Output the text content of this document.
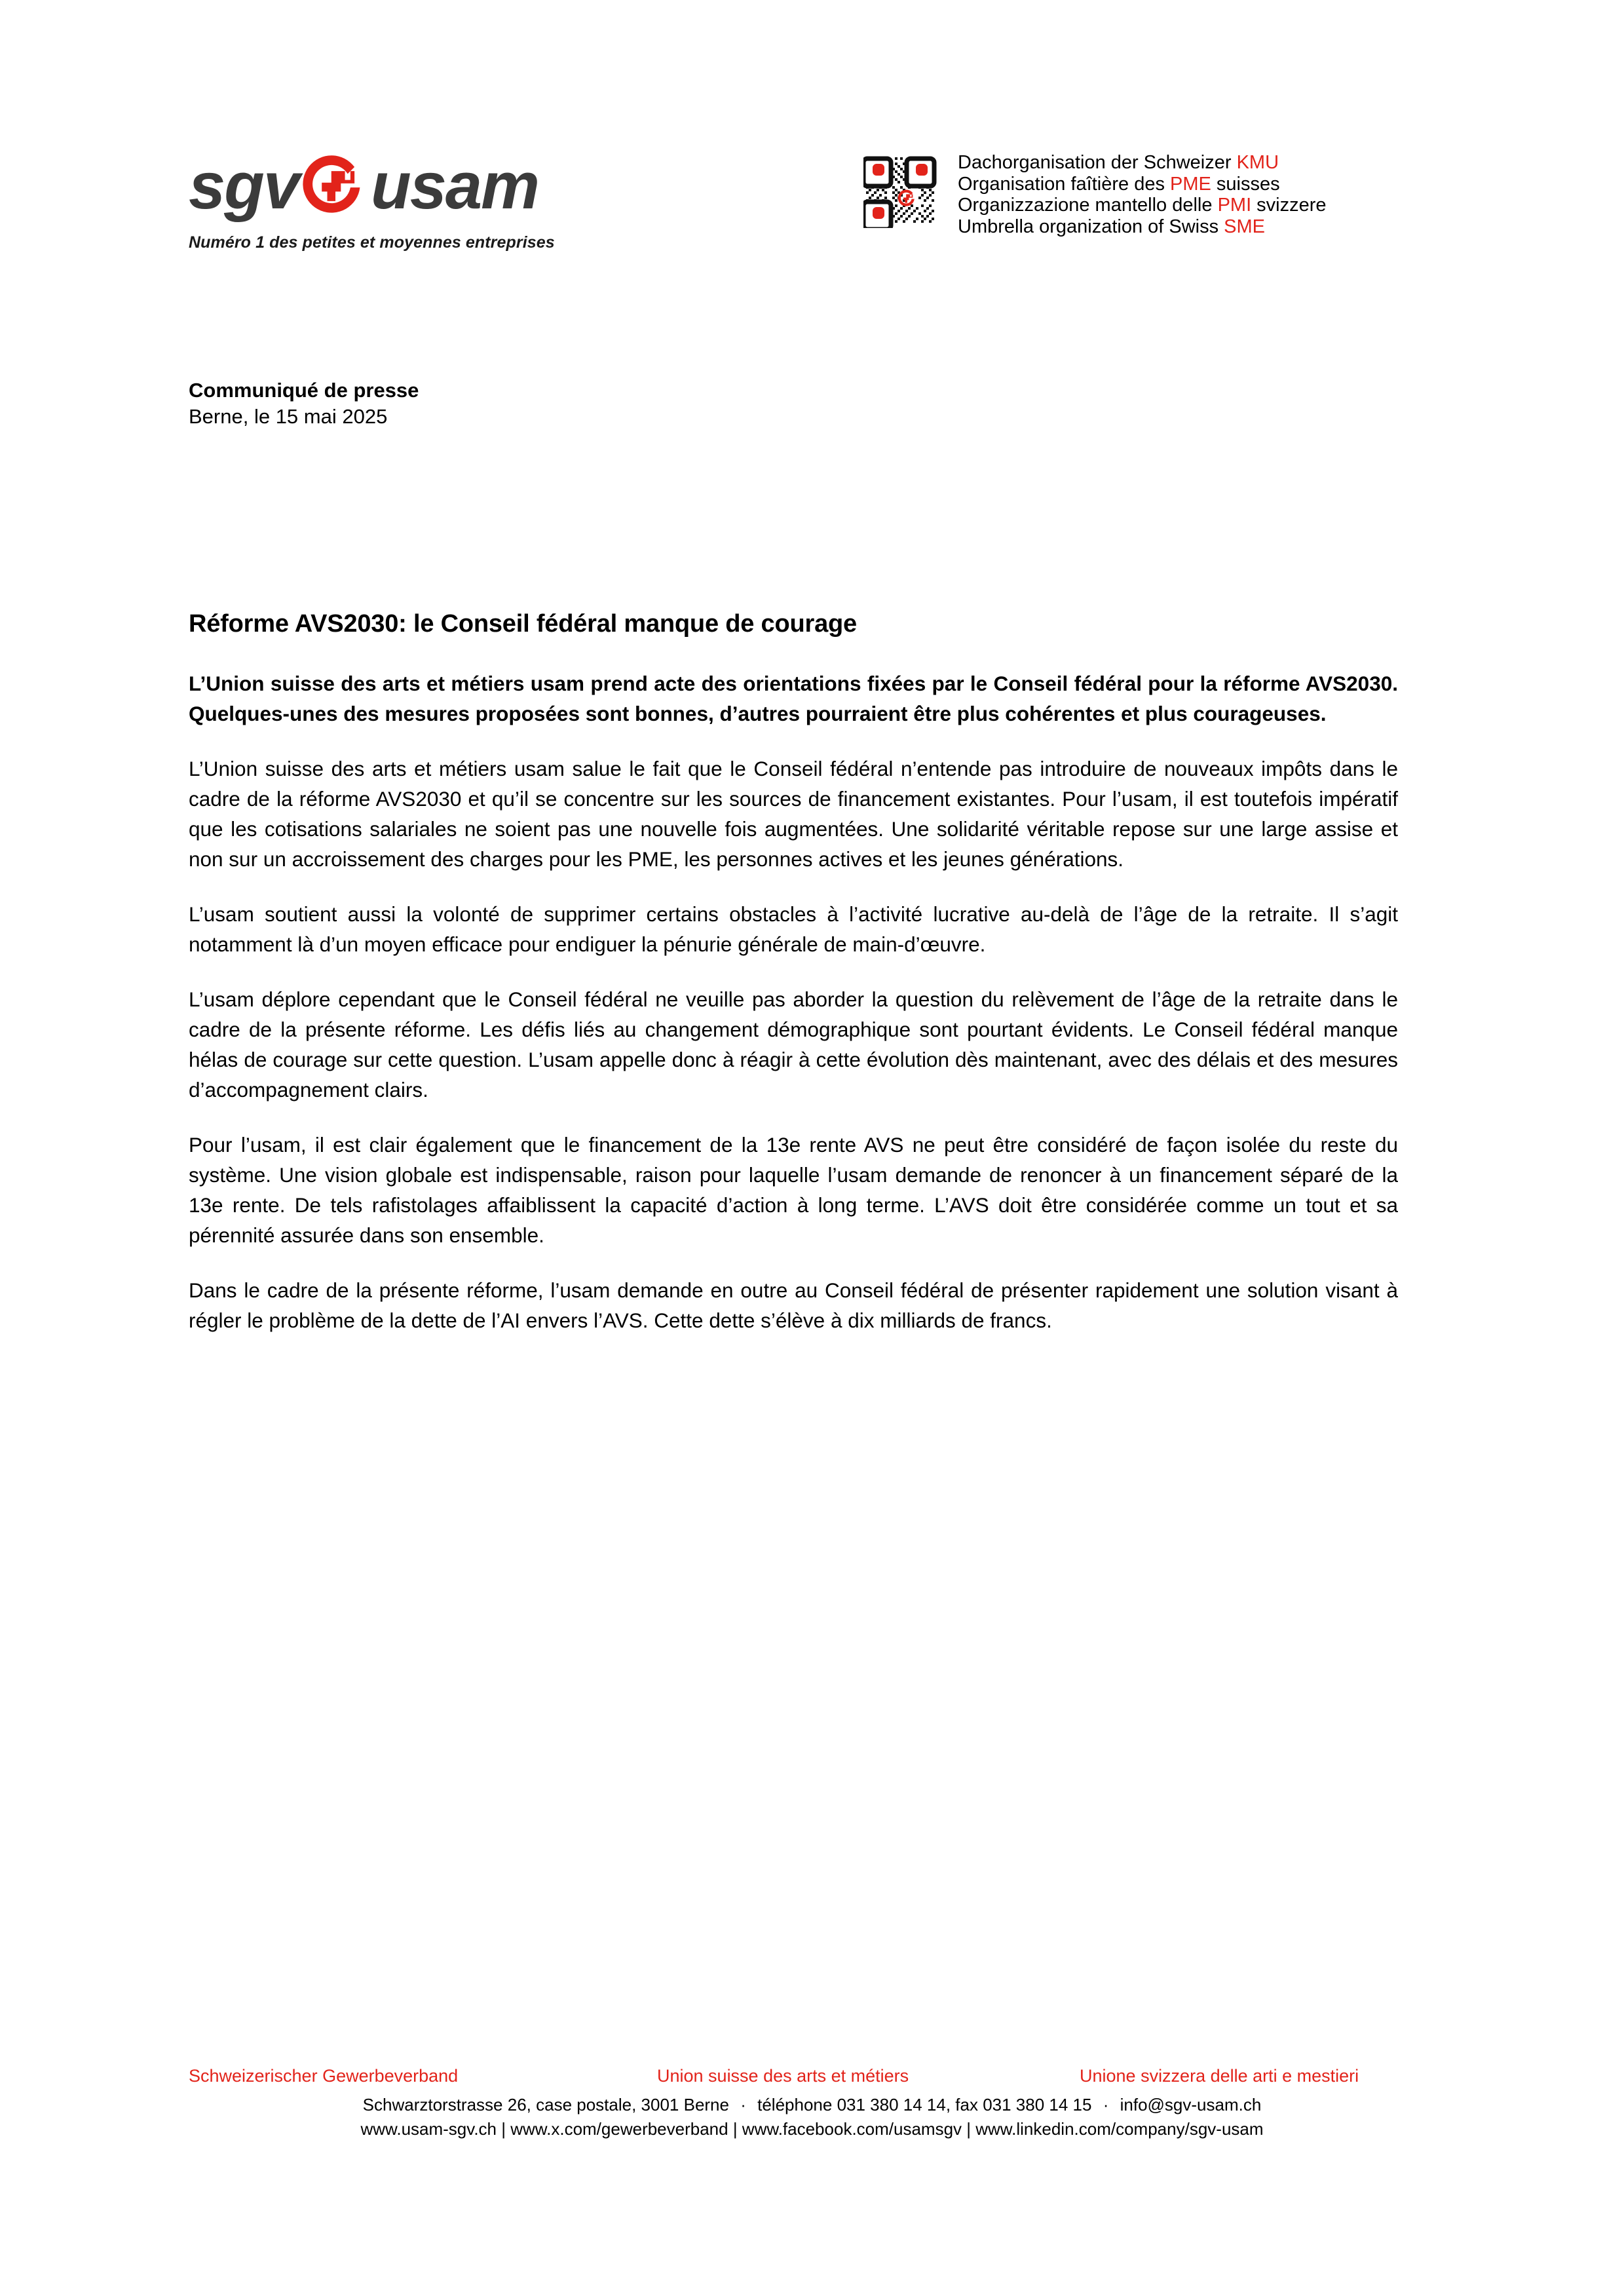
sgv usam
Numéro 1 des petites et moyennes entreprises
Dachorganisation der Schweizer KMU
Organisation faîtière des PME suisses
Organizzazione mantello delle PMI svizzere
Umbrella organization of Swiss SME
Communiqué de presse
Berne, le 15 mai 2025
Réforme AVS2030: le Conseil fédéral manque de courage

L’Union suisse des arts et métiers usam prend acte des orientations fixées par le Conseil fédéral pour la réforme AVS2030. Quelques-unes des mesures proposées sont bonnes, d’autres pourraient être plus cohérentes et plus courageuses.

L’Union suisse des arts et métiers usam salue le fait que le Conseil fédéral n’entende pas introduire de nouveaux impôts dans le cadre de la réforme AVS2030 et qu’il se concentre sur les sources de financement existantes. Pour l’usam, il est toutefois impératif que les cotisations salariales ne soient pas une nouvelle fois augmentées. Une solidarité véritable repose sur une large assise et non sur un accroissement des charges pour les PME, les personnes actives et les jeunes générations.

L’usam soutient aussi la volonté de supprimer certains obstacles à l’activité lucrative au-delà de l’âge de la retraite. Il s’agit notamment là d’un moyen efficace pour endiguer la pénurie générale de main-d’œuvre.

L’usam déplore cependant que le Conseil fédéral ne veuille pas aborder la question du relèvement de l’âge de la retraite dans le cadre de la présente réforme. Les défis liés au changement démographique sont pourtant évidents. Le Conseil fédéral manque hélas de courage sur cette question. L’usam appelle donc à réagir à cette évolution dès maintenant, avec des délais et des mesures d’accompagnement clairs.

Pour l’usam, il est clair également que le financement de la 13e rente AVS ne peut être considéré de façon isolée du reste du système. Une vision globale est indispensable, raison pour laquelle l’usam demande de renoncer à un financement séparé de la 13e rente. De tels rafistolages affaiblissent la capacité d’action à long terme. L’AVS doit être considérée comme un tout et sa pérennité assurée dans son ensemble.

Dans le cadre de la présente réforme, l’usam demande en outre au Conseil fédéral de présenter rapidement une solution visant à régler le problème de la dette de l’AI envers l’AVS. Cette dette s’élève à dix milliards de francs.

Schweizerischer Gewerbeverband	Union suisse des arts et métiers	Unione svizzera delle arti e mestieri
Schwarztorstrasse 26, case postale, 3001 Berne · téléphone 031 380 14 14, fax 031 380 14 15 · info@sgv-usam.ch
www.usam-sgv.ch | www.x.com/gewerbeverband | www.facebook.com/usamsgv | www.linkedin.com/company/sgv-usam
